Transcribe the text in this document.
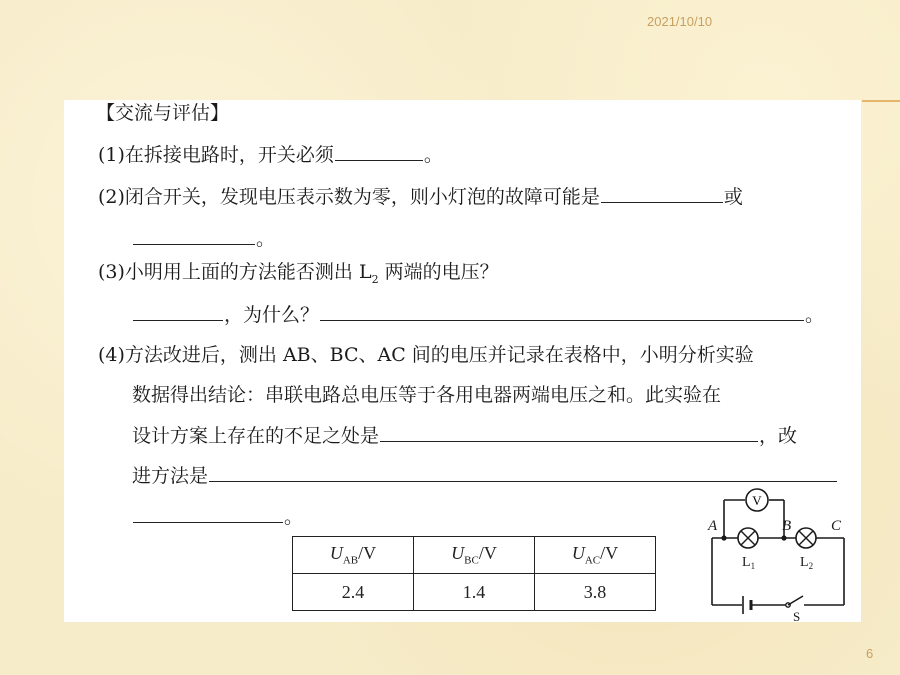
2021/10/10
6
【交流与评估】
(1)在拆接电路时，开关必须	。
(2)闭合开关，发现电压表示数为零，则小灯泡的故障可能是	或
。
(3)小明用上面的方法能否测出 $L_2$ 两端的电压？
，为什么？	。
(4)方法改进后，测出 AB、BC、AC 间的电压并记录在表格中，小明分析实验
数据得出结论：串联电路总电压等于各用电器两端电压之和。此实验在
设计方案上存在的不足之处是	，改
进方法是
。
$U_{AB}/V$	$U_{BC}/V$	$U_{AC}/V$
2.4	1.4	3.8
V
A	B	C
$L_1$	$L_2$
S
